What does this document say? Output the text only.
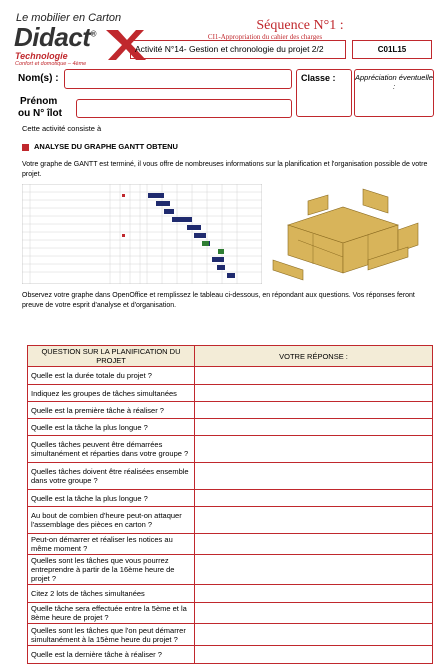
Le mobilier en Carton
Didact®
Technologie
Confort et domotique – 4ème
Séquence N°1 :
CI1-Appropriation du cahier des charges
Activité N°14- Gestion et chronologie du projet 2/2	C01L15
Nom(s) :	Classe :	Appréciation éventuelle :
Prénom
ou N° îlot
Cette activité consiste à
ANALYSE DU GRAPHE GANTT OBTENU
Votre graphe de GANTT est terminé, il vous offre de nombreuses informations sur la planification et l'organisation possible de votre projet.
Observez votre graphe dans OpenOffice et remplissez le tableau ci-dessous, en répondant aux questions. Vos réponses feront preuve de votre esprit d'analyse et d'organisation.
QUESTION SUR LA PLANIFICATION DU PROJET	VOTRE RÉPONSE :
Quelle est la durée totale du projet ?	
Indiquez les groupes de tâches simultanées	
Quelle est la première tâche à réaliser ?	
Quelle est la tâche la plus longue ?	
Quelles tâches peuvent être démarrées simultanément et réparties dans votre groupe ?	
Quelles tâches doivent être réalisées ensemble dans votre groupe ?	
Quelle est la tâche la plus longue ?	
Au bout de combien d'heure peut-on attaquer l'assemblage des pièces en carton ?	
Peut-on démarrer et réaliser les notices au même moment ?	
Quelles sont les tâches que vous pourrez entreprendre à partir de la 16ème heure de projet ?	
Citez 2 lots de tâches simultanées	
Quelle tâche sera effectuée entre la 5ème et la 8ème heure de projet ?	
Quelles sont les tâches que l'on peut démarrer simultanément à la 15ème heure du projet ?	
Quelle est la dernière tâche à réaliser ?	
